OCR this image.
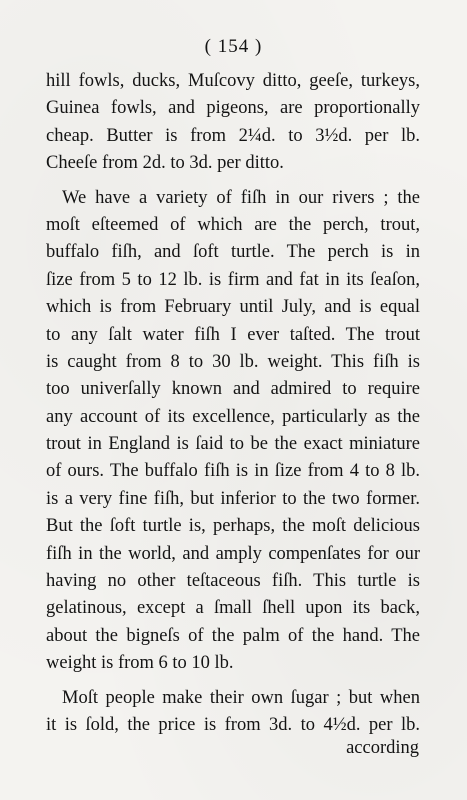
( 154 )
hill fowls, ducks, Muſcovy ditto, geeſe, turkeys,
Guinea fowls, and pigeons, are proportionally
cheap. Butter is from 2¼d. to 3½d. per lb.
Cheeſe from 2d. to 3d. per ditto.
We have a variety of fiſh in our rivers ; the
moſt eſteemed of which are the perch, trout,
buffalo fiſh, and ſoft turtle. The perch is in
ſize from 5 to 12 lb. is firm and fat in its ſeaſon,
which is from February until July, and is equal
to any ſalt water fiſh I ever taſted. The trout
is caught from 8 to 30 lb. weight. This fiſh is
too univerſally known and admired to require
any account of its excellence, particularly as the
trout in England is ſaid to be the exact miniature
of ours. The buffalo fiſh is in ſize from 4 to 8 lb.
is a very fine fiſh, but inferior to the two former.
But the ſoft turtle is, perhaps, the moſt delicious
fiſh in the world, and amply compenſates for our
having no other teſtaceous fiſh. This turtle is
gelatinous, except a ſmall ſhell upon its back,
about the bigneſs of the palm of the hand. The
weight is from 6 to 10 lb.
Moſt people make their own ſugar ; but when
it is ſold, the price is from 3d. to 4½d. per lb.
according
